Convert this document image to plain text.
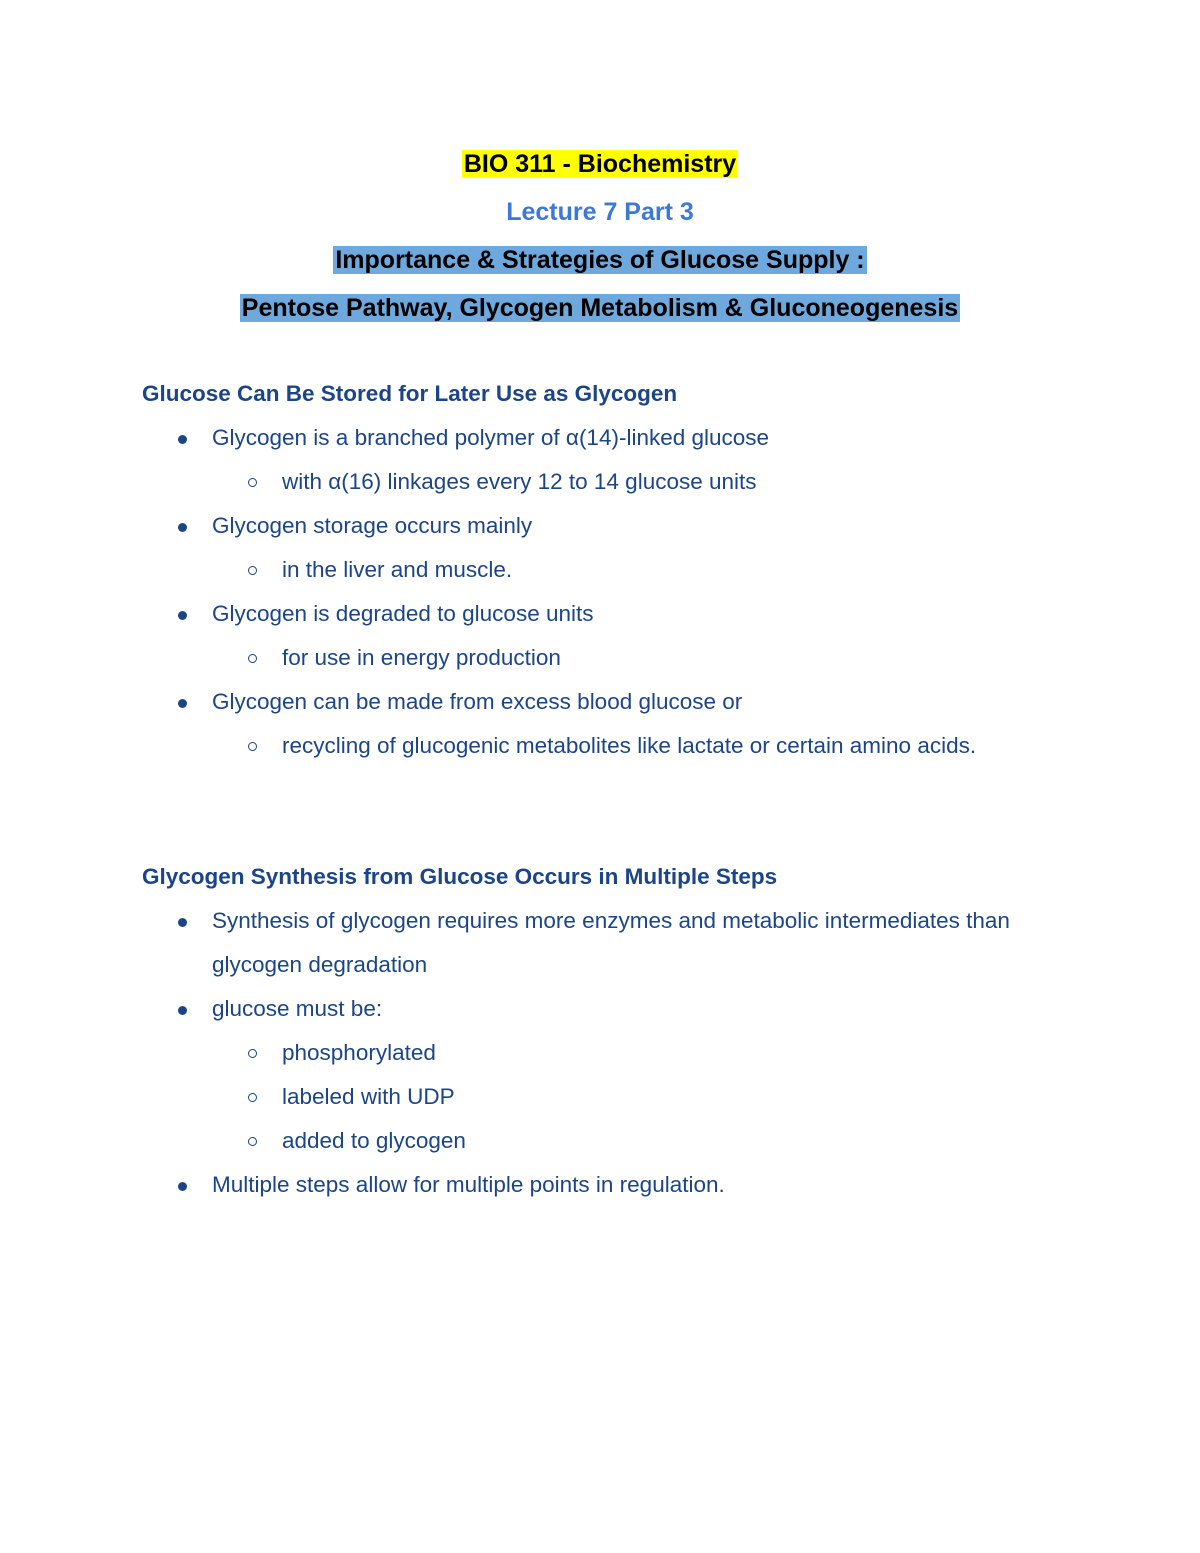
BIO 311 - Biochemistry
Lecture 7 Part 3
Importance & Strategies of Glucose Supply :
Pentose Pathway, Glycogen Metabolism & Gluconeogenesis
Glucose Can Be Stored for Later Use as Glycogen
Glycogen is a branched polymer of α(14)-linked glucose
with α(16) linkages every 12 to 14 glucose units
Glycogen storage occurs mainly
in the liver and muscle.
Glycogen is degraded to glucose units
for use in energy production
Glycogen can be made from excess blood glucose or
recycling of glucogenic metabolites like lactate or certain amino acids.
Glycogen Synthesis from Glucose Occurs in Multiple Steps
Synthesis of glycogen requires more enzymes and metabolic intermediates than glycogen degradation
glucose must be:
phosphorylated
labeled with UDP
added to glycogen
Multiple steps allow for multiple points in regulation.
